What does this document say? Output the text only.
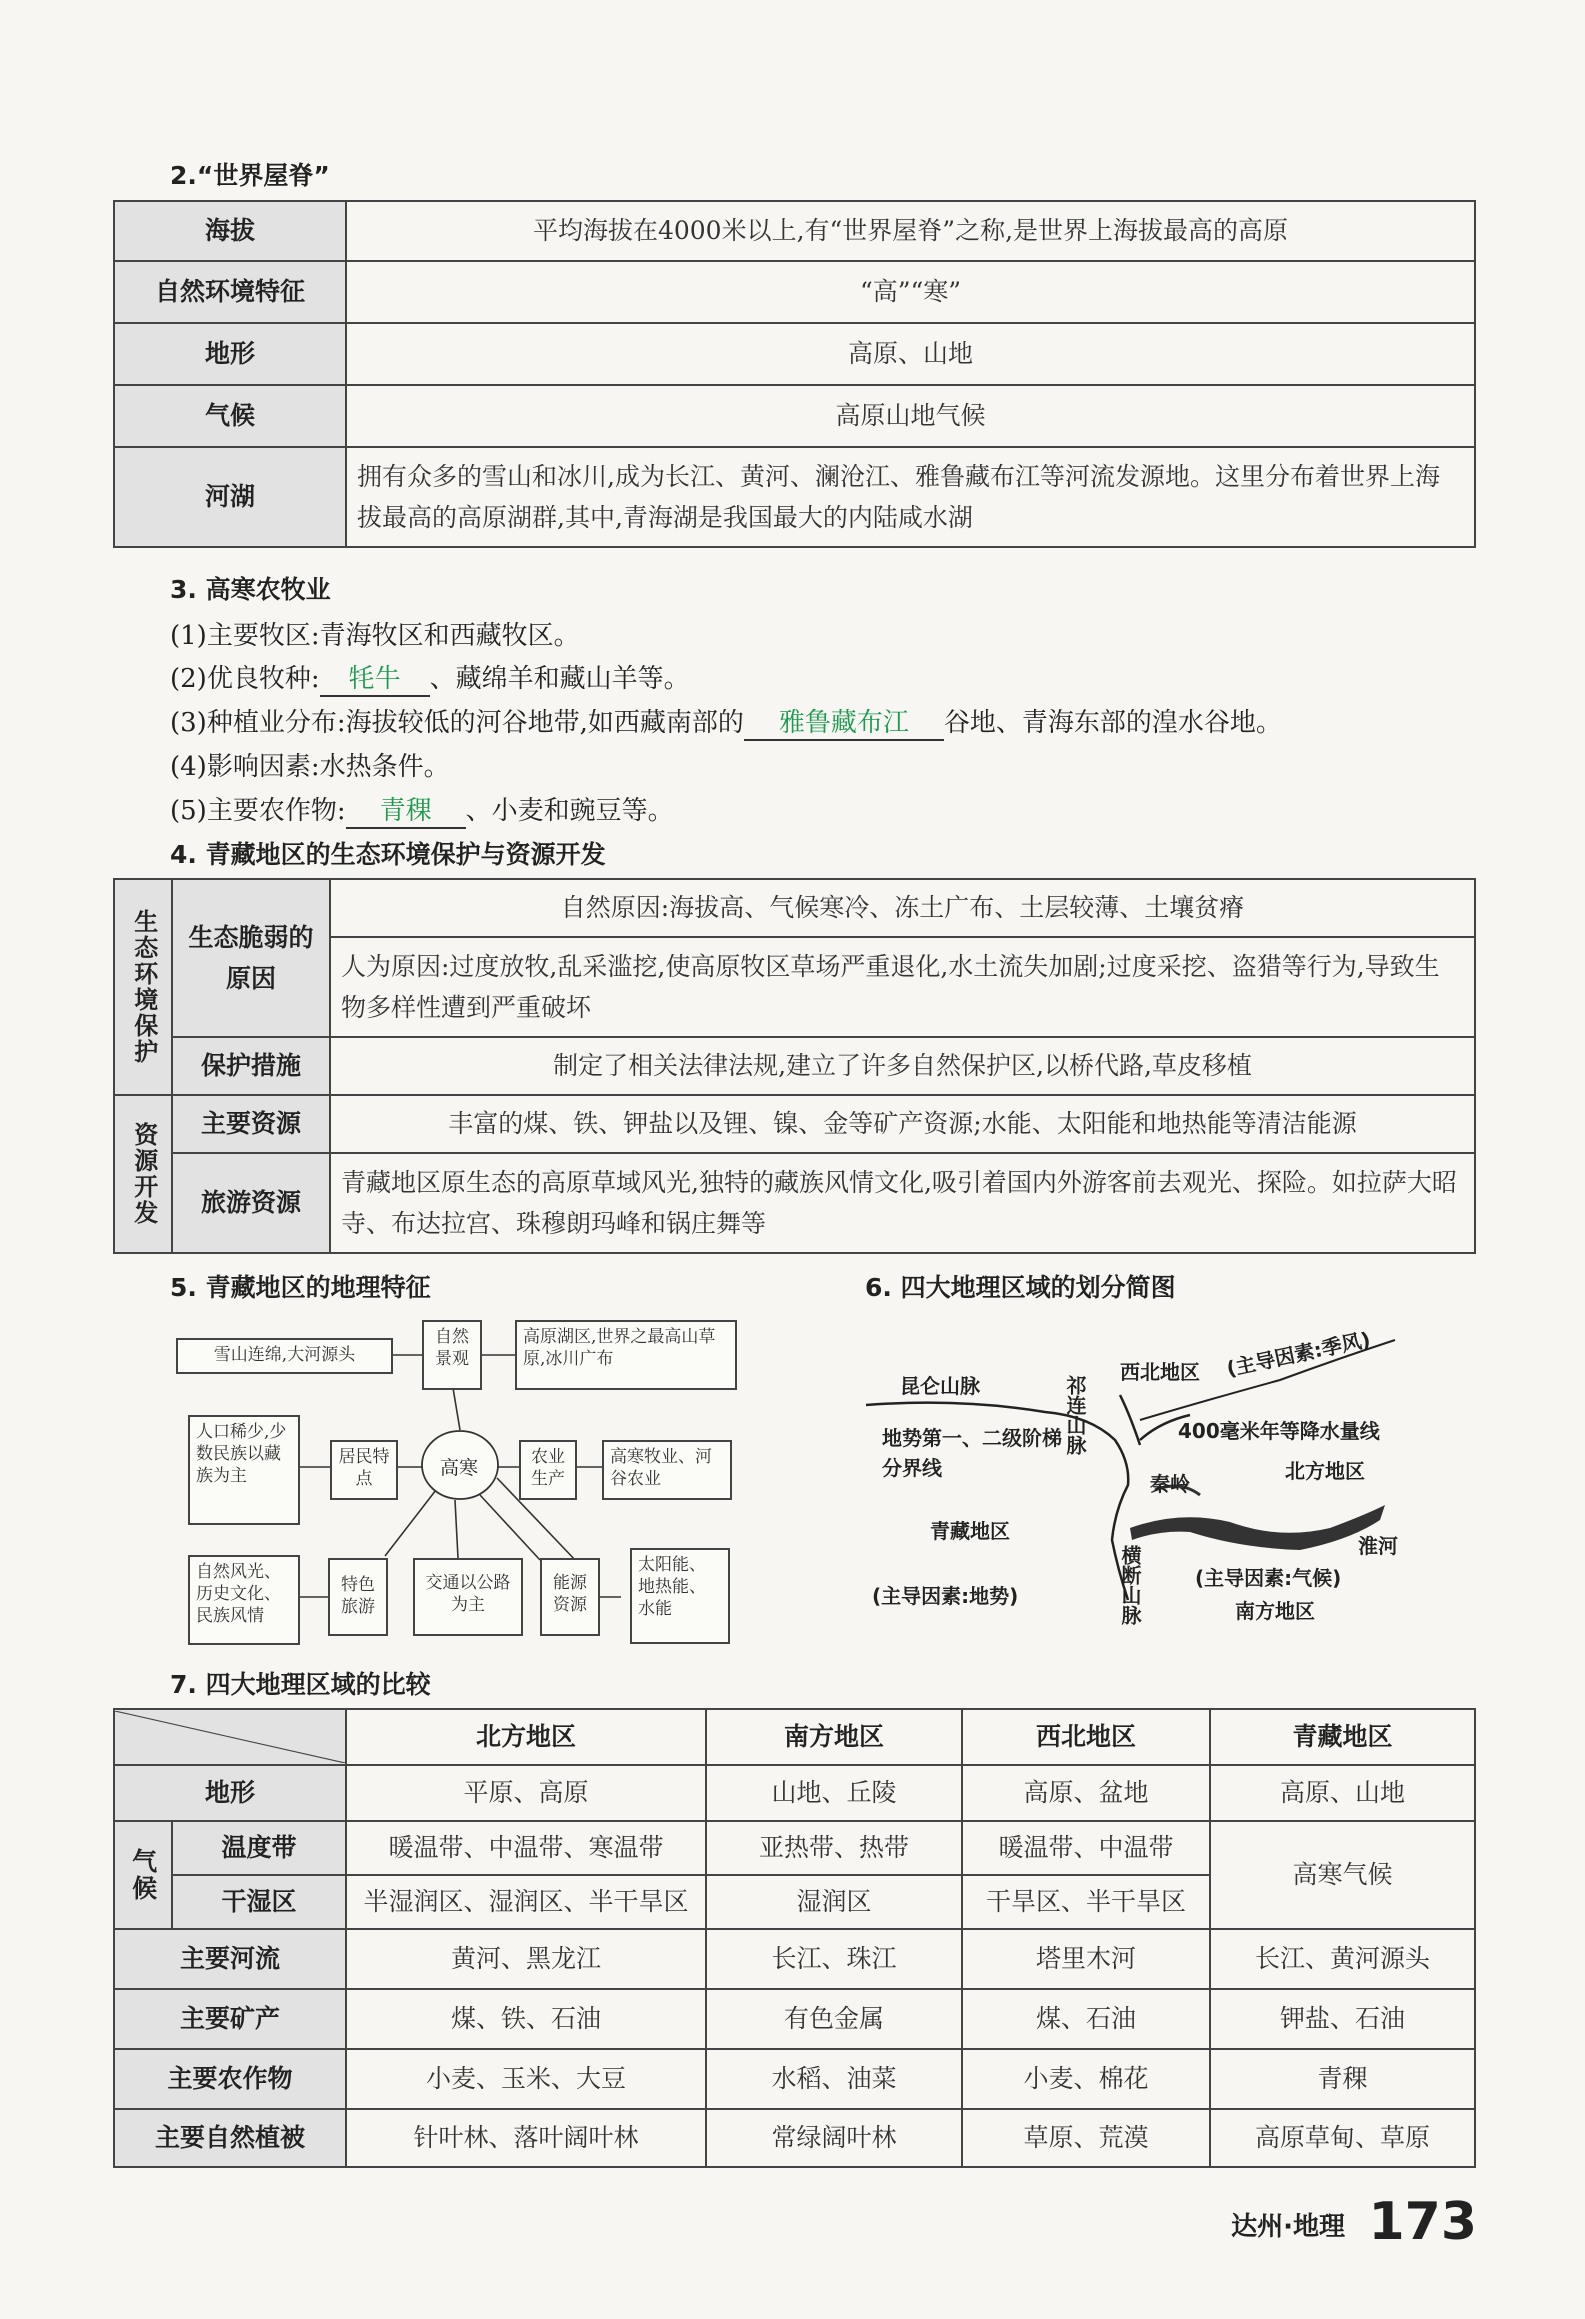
2.“世界屋脊”
海拔	平均海拔在4000米以上,有“世界屋脊”之称,是世界上海拔最高的高原
自然环境特征	“高”“寒”
地形	高原、山地
气候	高原山地气候
河湖	拥有众多的雪山和冰川,成为长江、黄河、澜沧江、雅鲁藏布江等河流发源地。这里分布着世界上海拔最高的高原湖群,其中,青海湖是我国最大的内陆咸水湖
3. 高寒农牧业
(1)主要牧区:青海牧区和西藏牧区。
(2)优良牧种: 牦牛 、藏绵羊和藏山羊等。
(3)种植业分布:海拔较低的河谷地带,如西藏南部的 雅鲁藏布江 谷地、青海东部的湟水谷地。
(4)影响因素:水热条件。
(5)主要农作物: 青稞 、小麦和豌豆等。
4. 青藏地区的生态环境保护与资源开发
生态环境保护	生态脆弱的原因	自然原因:海拔高、气候寒冷、冻土广布、土层较薄、土壤贫瘠
		人为原因:过度放牧,乱采滥挖,使高原牧区草场严重退化,水土流失加剧;过度采挖、盗猎等行为,导致生物多样性遭到严重破坏
	保护措施	制定了相关法律法规,建立了许多自然保护区,以桥代路,草皮移植
资源开发	主要资源	丰富的煤、铁、钾盐以及锂、镍、金等矿产资源;水能、太阳能和地热能等清洁能源
	旅游资源	青藏地区原生态的高原草域风光,独特的藏族风情文化,吸引着国内外游客前去观光、探险。如拉萨大昭寺、布达拉宫、珠穆朗玛峰和锅庄舞等
5. 青藏地区的地理特征
雪山连绵,大河源头
自然景观
高原湖区,世界之最高山草原,冰川广布
人口稀少,少数民族以藏族为主
居民特点
高寒	农业生产
高寒牧业、河谷农业
自然风光、历史文化、民族风情
特色旅游
交通以公路为主
能源资源
太阳能、地热能、水能
6. 四大地理区域的划分简图
昆仑山脉	祁连山脉
西北地区 (主导因素:季风)
400毫米年等降水量线
地势第一、二级阶梯
分界线	北方地区
秦岭
青藏地区
横断山脉	淮河
(主导因素:气候)
(主导因素:地势)
南方地区
7. 四大地理区域的比较
	北方地区	南方地区	西北地区	青藏地区
地形		平原、高原	山地、丘陵	高原、盆地	高原、山地
气候	温度带	暖温带、中温带、寒温带	亚热带、热带	暖温带、中温带	高寒气候
	干湿区	半湿润区、湿润区、半干旱区	湿润区	干旱区、半干旱区	
主要河流		黄河、黑龙江	长江、珠江	塔里木河	长江、黄河源头
主要矿产		煤、铁、石油	有色金属	煤、石油	钾盐、石油
主要农作物		小麦、玉米、大豆	水稻、油菜	小麦、棉花	青稞
主要自然植被		针叶林、落叶阔叶林	常绿阔叶林	草原、荒漠	高原草甸、草原
达州·地理 173
